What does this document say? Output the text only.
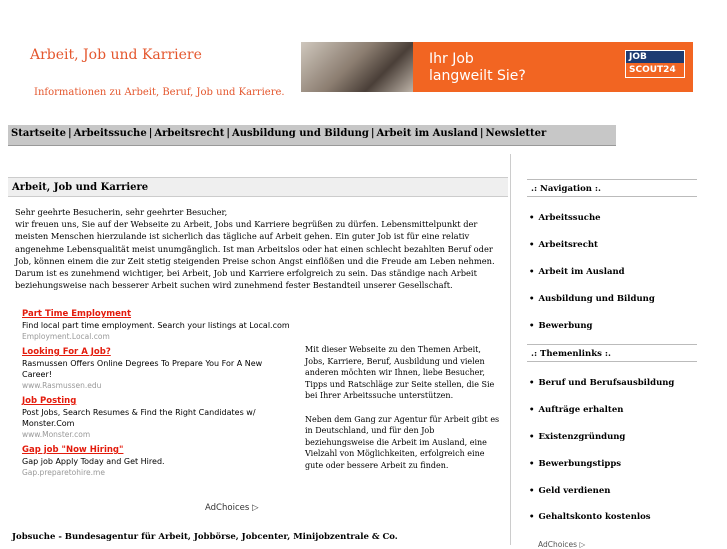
Arbeit, Job und Karriere
Informationen zu Arbeit, Beruf, Job und Karriere.
Ihr Job
langweilt Sie?
JOB
SCOUT24
Startseite | Arbeitssuche | Arbeitsrecht | Ausbildung und Bildung | Arbeit im Ausland | Newsletter
Arbeit, Job und Karriere
Sehr geehrte Besucherin, sehr geehrter Besucher,
wir freuen uns, Sie auf der Webseite zu Arbeit, Jobs und Karriere begrüßen zu dürfen. Lebensmittelpunkt der meisten Menschen hierzulande ist sicherlich das tägliche auf Arbeit gehen. Ein guter Job ist für eine relativ angenehme Lebensqualität meist unumgänglich. Ist man Arbeitslos oder hat einen schlecht bezahlten Beruf oder Job, können einem die zur Zeit stetig steigenden Preise schon Angst einflößen und die Freude am Leben nehmen. Darum ist es zunehmend wichtiger, bei Arbeit, Job und Karriere erfolgreich zu sein. Das ständige nach Arbeit beziehungsweise nach besserer Arbeit suchen wird zunehmend fester Bestandteil unserer Gesellschaft.
Part Time Employment
Find local part time employment. Search your listings at Local.com
Employment.Local.com
Looking For A Job?
Rasmussen Offers Online Degrees To Prepare You For A New Career!
www.Rasmussen.edu
Job Posting
Post Jobs, Search Resumes & Find the Right Candidates w/ Monster.Com
www.Monster.com
Gap job "Now Hiring"
Gap job Apply Today and Get Hired.
Gap.preparetohire.me
AdChoices ▷

Mit dieser Webseite zu den Themen Arbeit, Jobs, Karriere, Beruf, Ausbildung und vielen anderen möchten wir Ihnen, liebe Besucher, Tipps und Ratschläge zur Seite stellen, die Sie bei Ihrer Arbeitssuche unterstützen.

Neben dem Gang zur Agentur für Arbeit gibt es in Deutschland, und für den Job beziehungsweise die Arbeit im Ausland, eine Vielzahl von Möglichkeiten, erfolgreich eine gute oder bessere Arbeit zu finden.

Jobsuche - Bundesagentur für Arbeit, Jobbörse, Jobcenter, Minijobzentrale & Co.
.: Navigation :.
• Arbeitssuche
• Arbeitsrecht
• Arbeit im Ausland
• Ausbildung und Bildung
• Bewerbung
.: Themenlinks :.
• Beruf und Berufsausbildung
• Aufträge erhalten
• Existenzgründung
• Bewerbungstipps
• Geld verdienen
• Gehaltskonto kostenlos
AdChoices ▷
